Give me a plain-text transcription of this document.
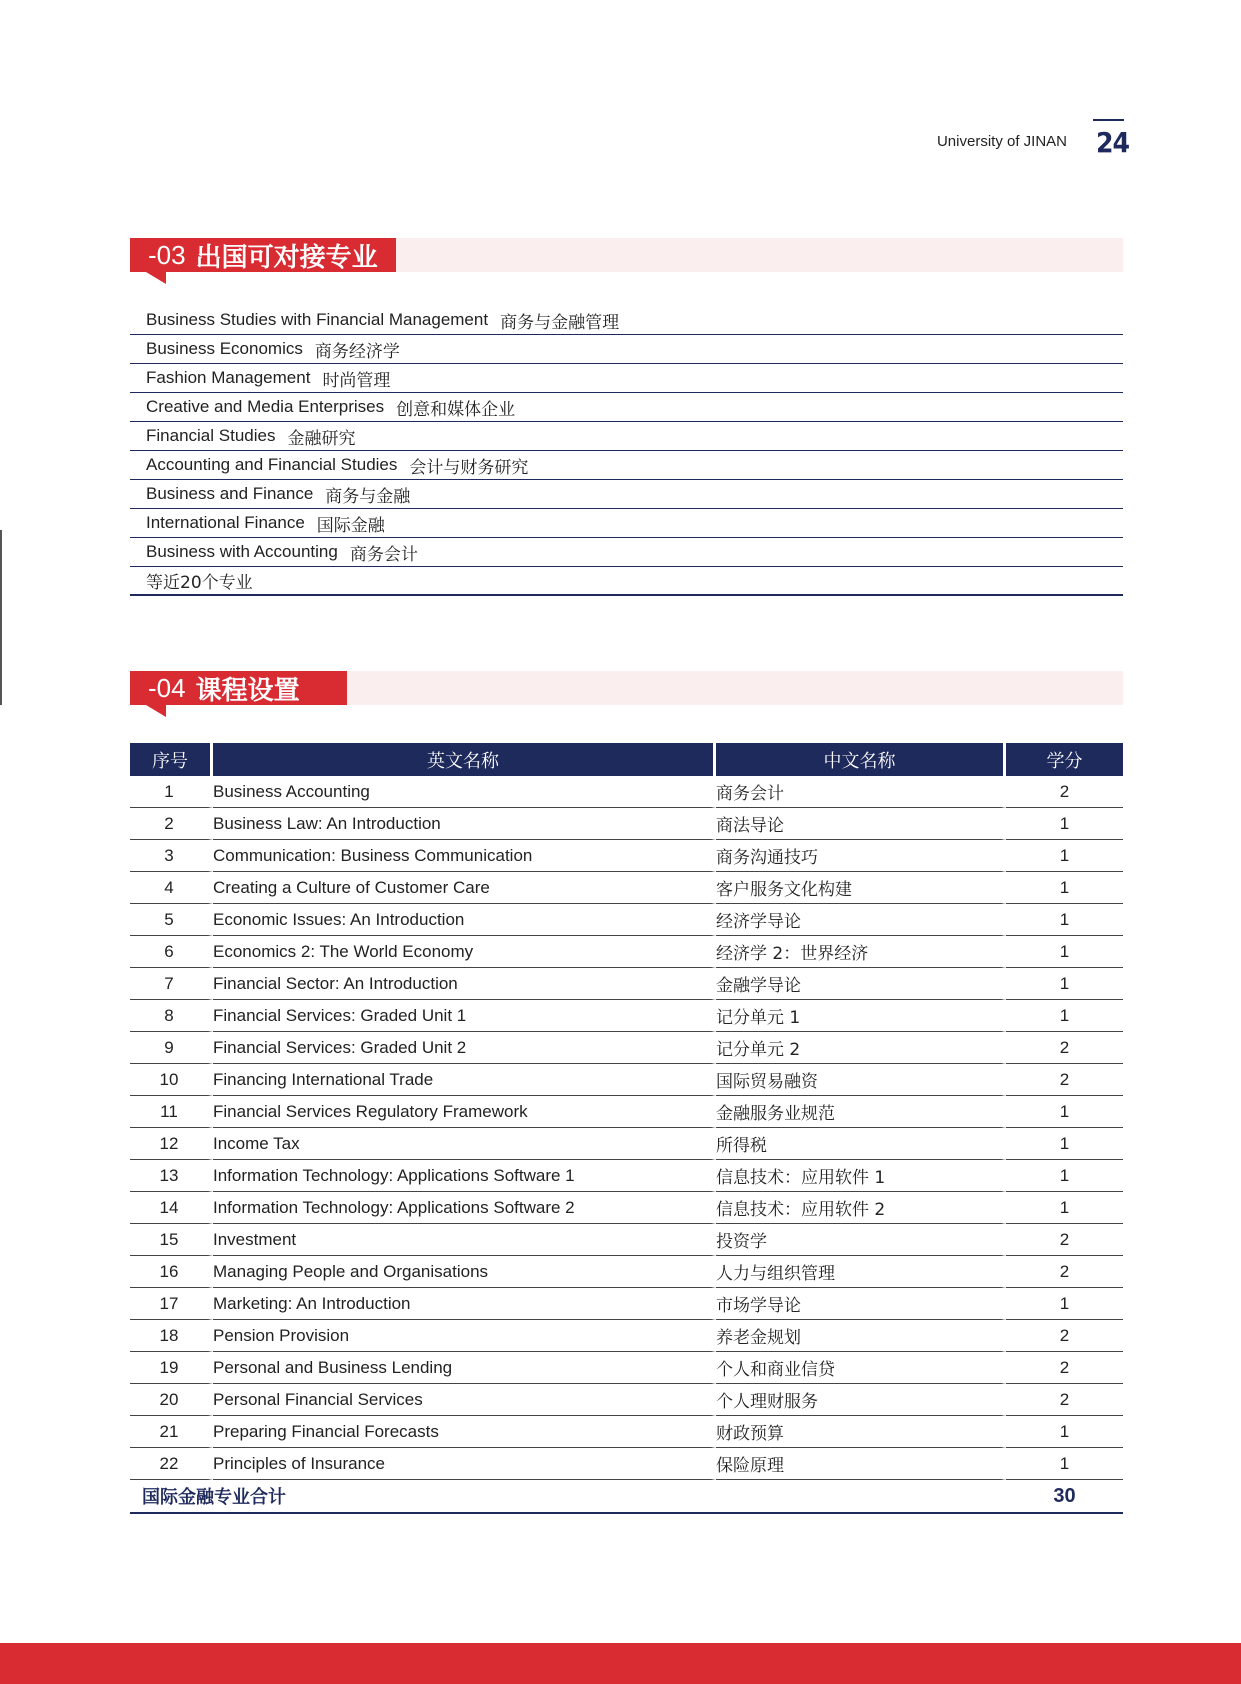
University of JINAN 24
-03 出国可对接专业
Business Studies with Financial Management 商务与金融管理
Business Economics 商务经济学
Fashion Management 时尚管理
Creative and Media Enterprises 创意和媒体企业
Financial Studies 金融研究
Accounting and Financial Studies 会计与财务研究
Business and Finance 商务与金融
International Finance 国际金融
Business with Accounting 商务会计
等近20个专业
-04 课程设置
序号	英文名称	中文名称	学分
1	Business Accounting	商务会计	2
2	Business Law: An Introduction	商法导论	1
3	Communication: Business Communication	商务沟通技巧	1
4	Creating a Culture of Customer Care	客户服务文化构建	1
5	Economic Issues: An Introduction	经济学导论	1
6	Economics 2: The World Economy	经济学 2：世界经济	1
7	Financial Sector: An Introduction	金融学导论	1
8	Financial Services: Graded Unit 1	记分单元 1	1
9	Financial Services: Graded Unit 2	记分单元 2	2
10	Financing International Trade	国际贸易融资	2
11	Financial Services Regulatory Framework	金融服务业规范	1
12	Income Tax	所得税	1
13	Information Technology: Applications Software 1	信息技术：应用软件 1	1
14	Information Technology: Applications Software 2	信息技术：应用软件 2	1
15	Investment	投资学	2
16	Managing People and Organisations	人力与组织管理	2
17	Marketing: An Introduction	市场学导论	1
18	Pension Provision	养老金规划	2
19	Personal and Business Lending	个人和商业信贷	2
20	Personal Financial Services	个人理财服务	2
21	Preparing Financial Forecasts	财政预算	1
22	Principles of Insurance	保险原理	1
国际金融专业合计			30
